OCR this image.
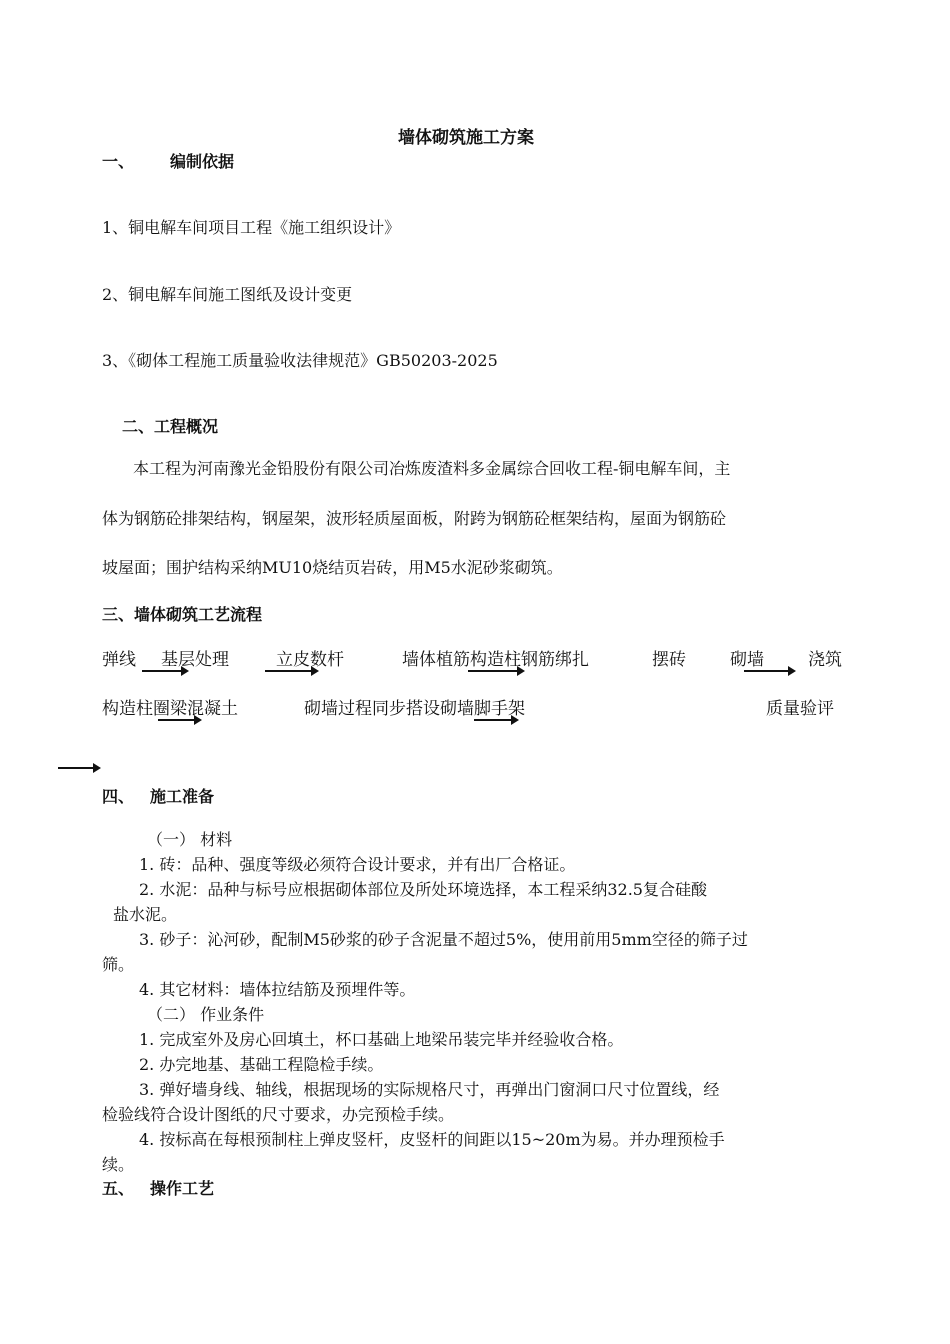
墙体砌筑施工方案
一、 编制依据
1、铜电解车间项目工程《施工组织设计》
2、铜电解车间施工图纸及设计变更
3、《砌体工程施工质量验收法律规范》GB50203-2025
二、工程概况
本工程为河南豫光金铅股份有限公司冶炼废渣料多金属综合回收工程-铜电解车间，主
体为钢筋砼排架结构，钢屋架，波形轻质屋面板，附跨为钢筋砼框架结构，屋面为钢筋砼
坡屋面；围护结构采纳MU10烧结页岩砖，用M5水泥砂浆砌筑。
三、墙体砌筑工艺流程
弹线 基层处理	立皮数杆	墙体植筋构造柱钢筋绑扎	摆砖	砌墙	浇筑
构造柱圈梁混凝土	砌墙过程同步搭设砌墙脚手架	质量验评
四、 施工准备
（一） 材料
1. 砖：品种、强度等级必须符合设计要求，并有出厂合格证。
2. 水泥：品种与标号应根据砌体部位及所处环境选择，本工程采纳32.5复合硅酸
盐水泥。
3. 砂子：沁河砂，配制M5砂浆的砂子含泥量不超过5%，使用前用5mm空径的筛子过
筛。
4. 其它材料：墙体拉结筋及预埋件等。
（二） 作业条件
1. 完成室外及房心回填土，杯口基础上地梁吊装完毕并经验收合格。
2. 办完地基、基础工程隐检手续。
3. 弹好墙身线、轴线，根据现场的实际规格尺寸，再弹出门窗洞口尺寸位置线，经
检验线符合设计图纸的尺寸要求，办完预检手续。
4. 按标高在每根预制柱上弹皮竖杆，皮竖杆的间距以15~20m为易。并办理预检手
续。
五、 操作工艺
